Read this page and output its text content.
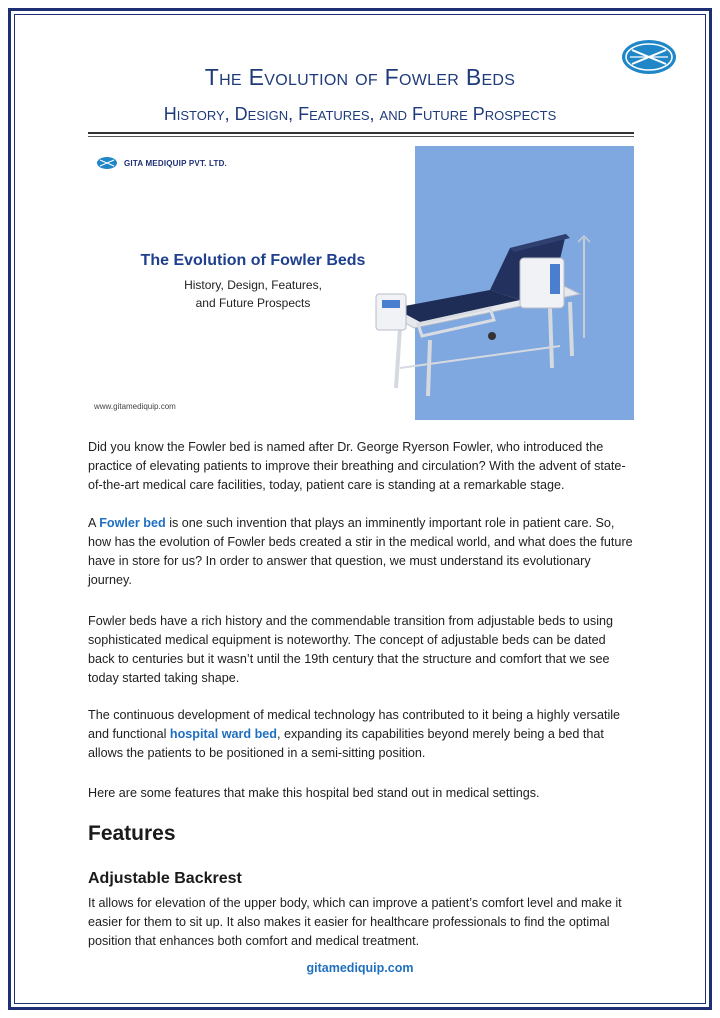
The Evolution of Fowler Beds
History, Design, Features, and Future Prospects
GITA MEDIQUIP PVT. LTD.
The Evolution of Fowler Beds
History, Design, Features,
and Future Prospects
www.gitamediquip.com
Did you know the Fowler bed is named after Dr. George Ryerson Fowler, who introduced the practice of elevating patients to improve their breathing and circulation? With the advent of state-of-the-art medical care facilities, today, patient care is standing at a remarkable stage.
A Fowler bed is one such invention that plays an imminently important role in patient care. So, how has the evolution of Fowler beds created a stir in the medical world, and what does the future have in store for us? In order to answer that question, we must understand its evolutionary journey.
Fowler beds have a rich history and the commendable transition from adjustable beds to using sophisticated medical equipment is noteworthy. The concept of adjustable beds can be dated back to centuries but it wasn’t until the 19th century that the structure and comfort that we see today started taking shape.
The continuous development of medical technology has contributed to it being a highly versatile and functional hospital ward bed, expanding its capabilities beyond merely being a bed that allows the patients to be positioned in a semi-sitting position.
Here are some features that make this hospital bed stand out in medical settings.
Features
Adjustable Backrest
It allows for elevation of the upper body, which can improve a patient’s comfort level and make it easier for them to sit up. It also makes it easier for healthcare professionals to find the optimal position that enhances both comfort and medical treatment.
gitamediquip.com
